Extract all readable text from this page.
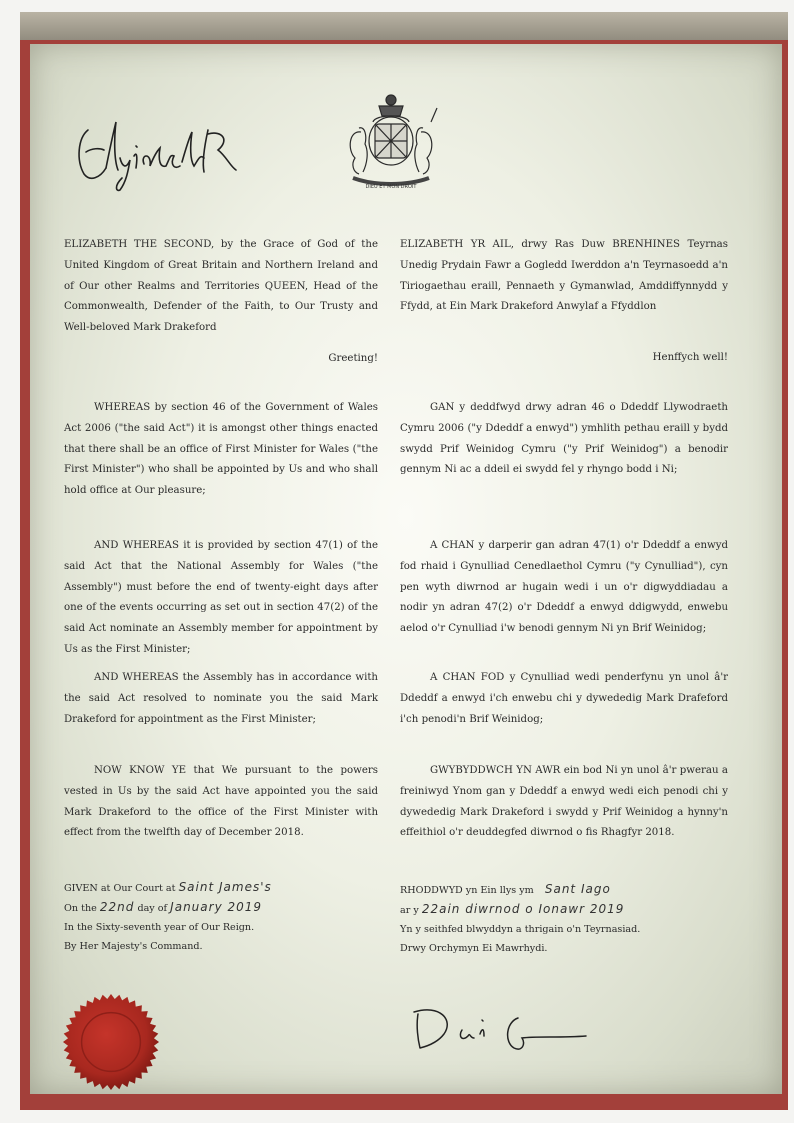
DIEU ET MON DROIT

ELIZABETH THE SECOND, by the Grace of God of the United Kingdom of Great Britain and Northern Ireland and of Our other Realms and Territories QUEEN, Head of the Commonwealth, Defender of the Faith, to Our Trusty and Well-beloved Mark Drakeford

Greeting!

WHEREAS by section 46 of the Government of Wales Act 2006 ("the said Act") it is amongst other things enacted that there shall be an office of First Minister for Wales ("the First Minister") who shall be appointed by Us and who shall hold office at Our pleasure;

AND WHEREAS it is provided by section 47(1) of the said Act that the National Assembly for Wales ("the Assembly") must before the end of twenty-eight days after one of the events occurring as set out in section 47(2) of the said Act nominate an Assembly member for appointment by Us as the First Minister;

AND WHEREAS the Assembly has in accordance with the said Act resolved to nominate you the said Mark Drakeford for appointment as the First Minister;

NOW KNOW YE that We pursuant to the powers vested in Us by the said Act have appointed you the said Mark Drakeford to the office of the First Minister with effect from the twelfth day of December 2018.

GIVEN at Our Court at Saint James's
On the 22nd day of January 2019
In the Sixty-seventh year of Our Reign.
By Her Majesty's Command.

ELIZABETH YR AIL, drwy Ras Duw BRENHINES Teyrnas Unedig Prydain Fawr a Gogledd Iwerddon a'n Teyrnasoedd a'n Tiriogaethau eraill, Pennaeth y Gymanwlad, Amddiffynnydd y Ffydd, at Ein Mark Drakeford Anwylaf a Ffyddlon

Henffych well!

GAN y deddfwyd drwy adran 46 o Ddeddf Llywodraeth Cymru 2006 ("y Ddeddf a enwyd") ymhlith pethau eraill y bydd swydd Prif Weinidog Cymru ("y Prif Weinidog") a benodir gennym Ni ac a ddeil ei swydd fel y rhyngo bodd i Ni;

A CHAN y darperir gan adran 47(1) o'r Ddeddf a enwyd fod rhaid i Gynulliad Cenedlaethol Cymru ("y Cynulliad"), cyn pen wyth diwrnod ar hugain wedi i un o'r digwyddiadau a nodir yn adran 47(2) o'r Ddeddf a enwyd ddigwydd, enwebu aelod o'r Cynulliad i'w benodi gennym Ni yn Brif Weinidog;

A CHAN FOD y Cynulliad wedi penderfynu yn unol â'r Ddeddf a enwyd i'ch enwebu chi y dywededig Mark Drafeford i'ch penodi'n Brif Weinidog;

GWYBYDDWCH YN AWR ein bod Ni yn unol â'r pwerau a freiniwyd Ynom gan y Ddeddf a enwyd wedi eich penodi chi y dywededig Mark Drakeford i swydd y Prif Weinidog a hynny'n effeithiol o'r deuddegfed diwrnod o fis Rhagfyr 2018.

RHODDWYD yn Ein llys ym Sant Iago
ar y 22ain diwrnod o Ionawr 2019
Yn y seithfed blwyddyn a thrigain o'n Teyrnasiad.
Drwy Orchymyn Ei Mawrhydi.
